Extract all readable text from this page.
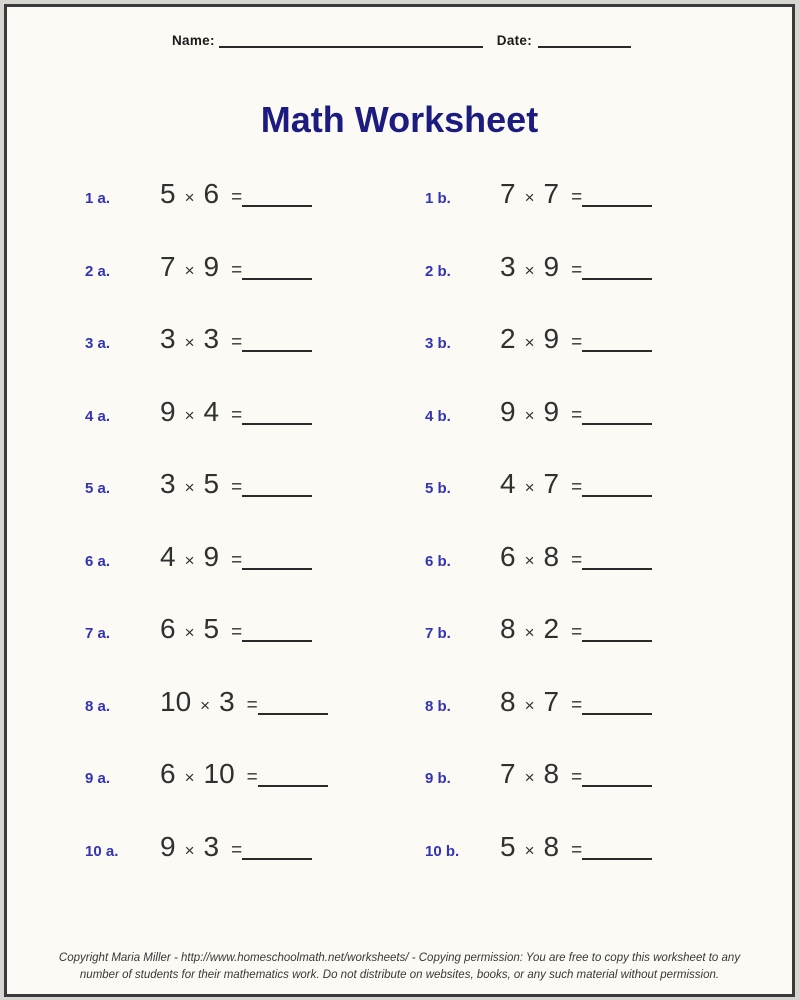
Name:	Date:
Math Worksheet
1 a. 5 × 6 =	1 b. 7 × 7 =
2 a. 7 × 9 =	2 b. 3 × 9 =
3 a. 3 × 3 =	3 b. 2 × 9 =
4 a. 9 × 4 =	4 b. 9 × 9 =
5 a. 3 × 5 =	5 b. 4 × 7 =
6 a. 4 × 9 =	6 b. 6 × 8 =
7 a. 6 × 5 =	7 b. 8 × 2 =
8 a. 10 × 3 =	8 b. 8 × 7 =
9 a. 6 × 10 =	9 b. 7 × 8 =
10 a. 9 × 3 =	10 b. 5 × 8 =
Copyright Maria Miller - http://www.homeschoolmath.net/worksheets/ - Copying permission: You are free to copy this worksheet to any
number of students for their mathematics work. Do not distribute on websites, books, or any such material without permission.
